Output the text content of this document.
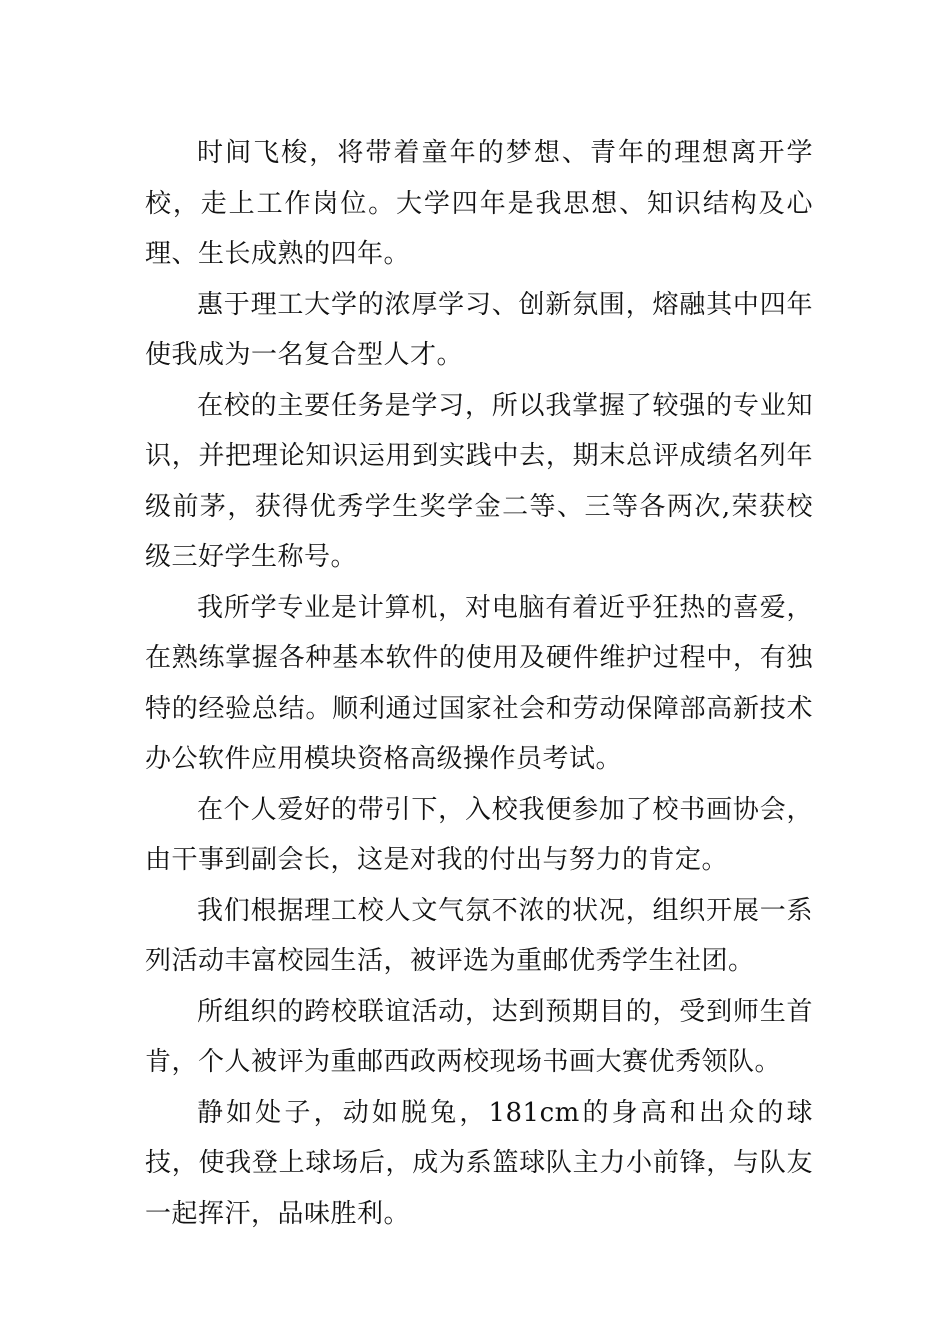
时间飞梭，将带着童年的梦想、青年的理想离开学校，走上工作岗位。大学四年是我思想、知识结构及心理、生长成熟的四年。

惠于理工大学的浓厚学习、创新氛围，熔融其中四年使我成为一名复合型人才。

在校的主要任务是学习，所以我掌握了较强的专业知识，并把理论知识运用到实践中去，期末总评成绩名列年级前茅，获得优秀学生奖学金二等、三等各两次,荣获校级三好学生称号。

我所学专业是计算机，对电脑有着近乎狂热的喜爱，在熟练掌握各种基本软件的使用及硬件维护过程中，有独特的经验总结。顺利通过国家社会和劳动保障部高新技术办公软件应用模块资格高级操作员考试。

在个人爱好的带引下，入校我便参加了校书画协会，由干事到副会长，这是对我的付出与努力的肯定。

我们根据理工校人文气氛不浓的状况，组织开展一系列活动丰富校园生活，被评选为重邮优秀学生社团。

所组织的跨校联谊活动，达到预期目的，受到师生首肯，个人被评为重邮西政两校现场书画大赛优秀领队。

静如处子，动如脱兔，181cm的身高和出众的球技，使我登上球场后，成为系篮球队主力小前锋，与队友一起挥汗，品味胜利。
